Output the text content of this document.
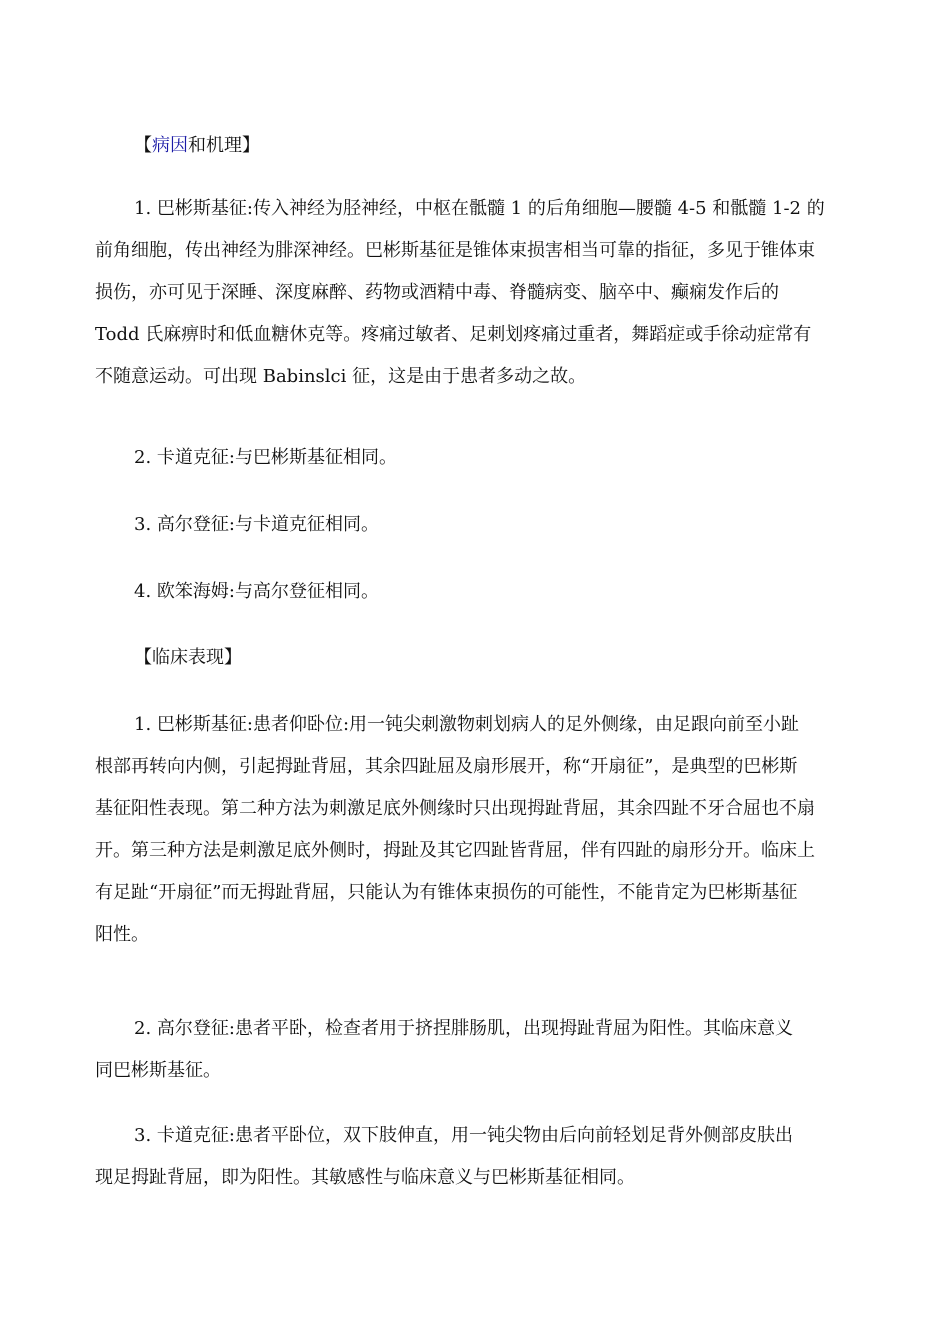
【病因和机理】
1. 巴彬斯基征:传入神经为胫神经，中枢在骶髓 1 的后角细胞—腰髓 4-5 和骶髓 1-2 的
前角细胞，传出神经为腓深神经。巴彬斯基征是锥体束损害相当可靠的指征，多见于锥体束
损伤，亦可见于深睡、深度麻醉、药物或酒精中毒、脊髓病变、脑卒中、癫痫发作后的
Todd 氏麻痹时和低血糖休克等。疼痛过敏者、足刺划疼痛过重者，舞蹈症或手徐动症常有
不随意运动。可出现 Babinslci 征，这是由于患者多动之故。
2. 卡道克征:与巴彬斯基征相同。
3. 高尔登征:与卡道克征相同。
4. 欧笨海姆:与高尔登征相同。
【临床表现】
1. 巴彬斯基征:患者仰卧位:用一钝尖刺激物刺划病人的足外侧缘，由足跟向前至小趾
根部再转向内侧，引起拇趾背屈，其余四趾屈及扇形展开，称“开扇征”，是典型的巴彬斯
基征阳性表现。第二种方法为刺激足底外侧缘时只出现拇趾背屈，其余四趾不牙合屈也不扇
开。第三种方法是刺激足底外侧时，拇趾及其它四趾皆背屈，伴有四趾的扇形分开。临床上
有足趾“开扇征”而无拇趾背屈，只能认为有锥体束损伤的可能性，不能肯定为巴彬斯基征
阳性。
2. 高尔登征:患者平卧，检查者用于挤捏腓肠肌，出现拇趾背屈为阳性。其临床意义
同巴彬斯基征。
3. 卡道克征:患者平卧位，双下肢伸直，用一钝尖物由后向前轻划足背外侧部皮肤出
现足拇趾背屈，即为阳性。其敏感性与临床意义与巴彬斯基征相同。
